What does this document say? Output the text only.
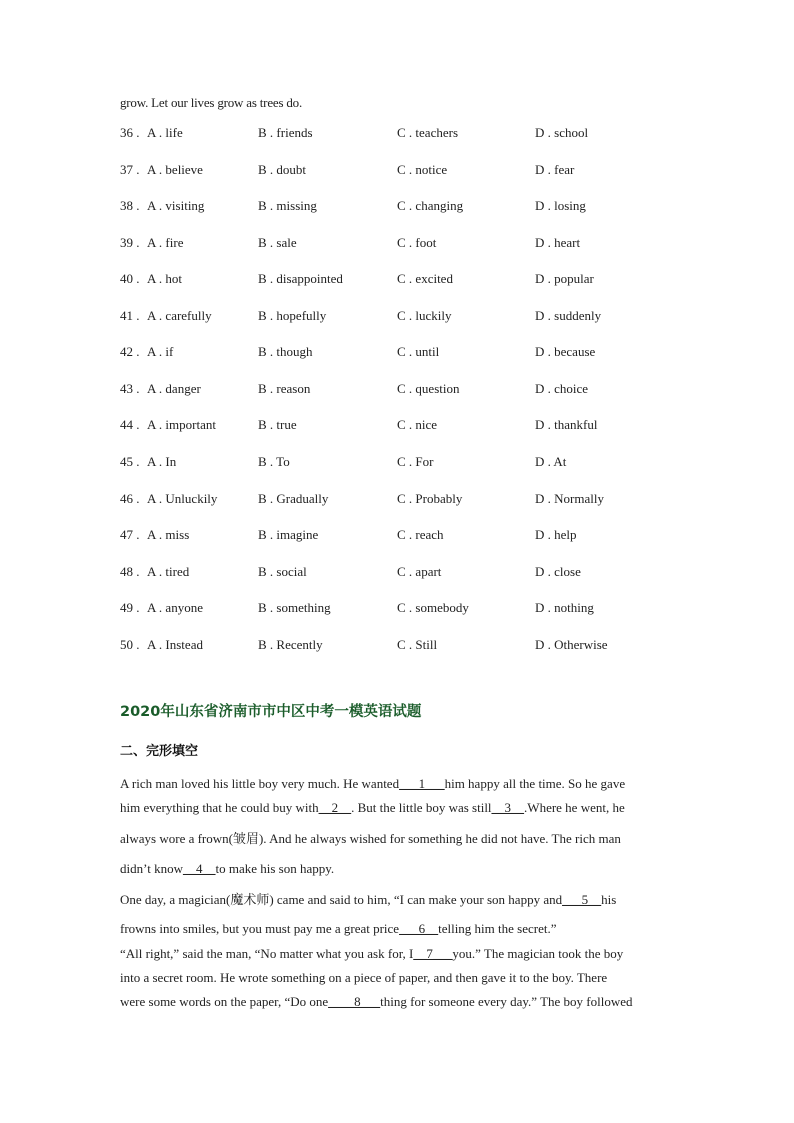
grow. Let our lives grow as trees do.
36 . A . life	B . friends	C . teachers	D . school
37 . A . believe	B . doubt	C . notice	D . fear
38 . A . visiting	B . missing	C . changing	D . losing
39 . A . fire	B . sale	C . foot	D . heart
40 . A . hot	B . disappointed	C . excited	D . popular
41 . A . carefully	B . hopefully	C . luckily	D . suddenly
42 . A . if	B . though	C . until	D . because
43 . A . danger	B . reason	C . question	D . choice
44 . A . important	B . true	C . nice	D . thankful
45 . A . In	B . To	C . For	D . At
46 . A . Unluckily	B . Gradually	C . Probably	D . Normally
47 . A . miss	B . imagine	C . reach	D . help
48 . A . tired	B . social	C . apart	D . close
49 . A . anyone	B . something	C . somebody	D . nothing
50 . A . Instead	B . Recently	C . Still	D . Otherwise
2020年山东省济南市市中区中考一模英语试题
二、完形填空
A rich man loved his little boy very much. He wanted___1___him happy all the time. So he gave
him everything that he could buy with__2__. But the little boy was still__3__.Where he went, he
always wore a frown(皱眉). And he always wished for something he did not have. The rich man
didn’t know__4__to make his son happy.
One day, a magician(魔术师) came and said to him, “I can make your son happy and___5__his
frowns into smiles, but you must pay me a great price___6__telling him the secret.”
“All right,” said the man, “No matter what you ask for, I__7___you.” The magician took the boy
into a secret room. He wrote something on a piece of paper, and then gave it to the boy. There
were some words on the paper, “Do one____8___thing for someone every day.” The boy followed
